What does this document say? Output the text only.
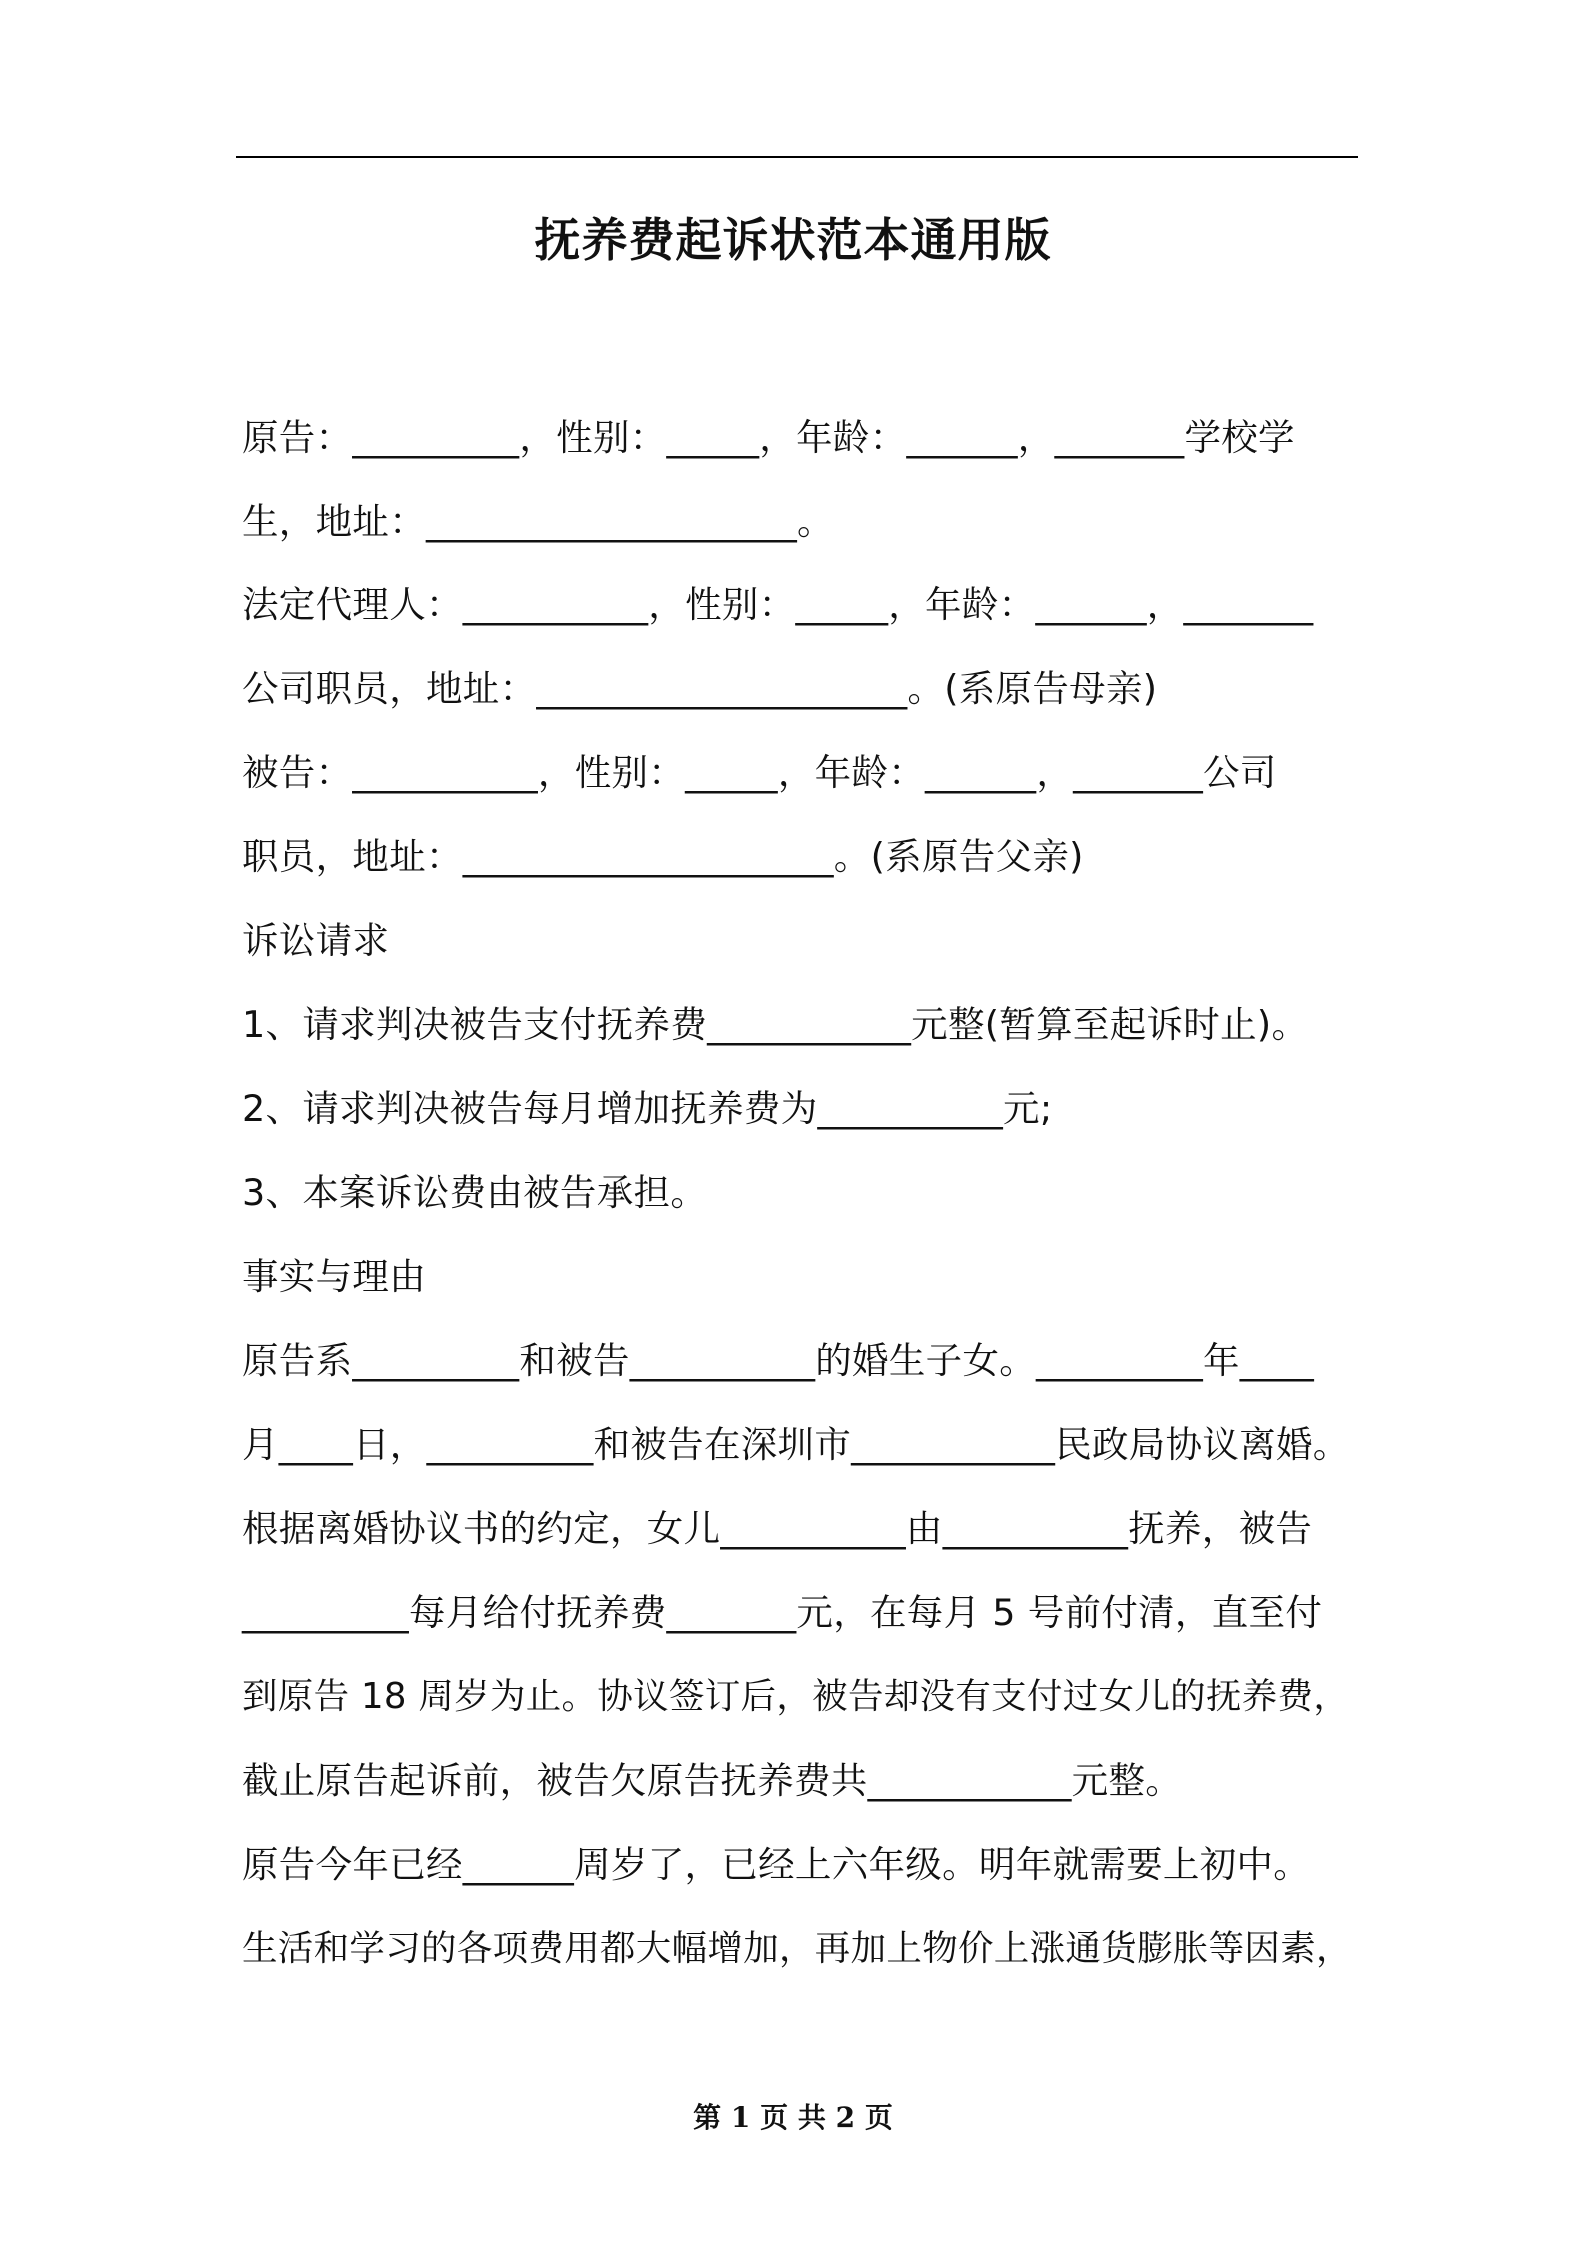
抚养费起诉状范本通用版
原告：_________，性别：_____，年龄：______，_______学校学
生，地址：____________________。
法定代理人：__________，性别：_____，年龄：______，_______
公司职员，地址：____________________。(系原告母亲)
被告：__________，性别：_____，年龄：______，_______公司
职员，地址：____________________。(系原告父亲)
诉讼请求
1、请求判决被告支付抚养费___________元整(暂算至起诉时止)。
2、请求判决被告每月增加抚养费为__________元;
3、本案诉讼费由被告承担。
事实与理由
原告系_________和被告__________的婚生子女。_________年____
月____日，_________和被告在深圳市___________民政局协议离婚。
根据离婚协议书的约定，女儿__________由__________抚养，被告
_________每月给付抚养费_______元，在每月 5 号前付清，直至付
到原告 18 周岁为止。协议签订后，被告却没有支付过女儿的抚养费，
截止原告起诉前，被告欠原告抚养费共___________元整。
原告今年已经______周岁了，已经上六年级。明年就需要上初中。
生活和学习的各项费用都大幅增加，再加上物价上涨通货膨胀等因素，
第 1 页 共 2 页
